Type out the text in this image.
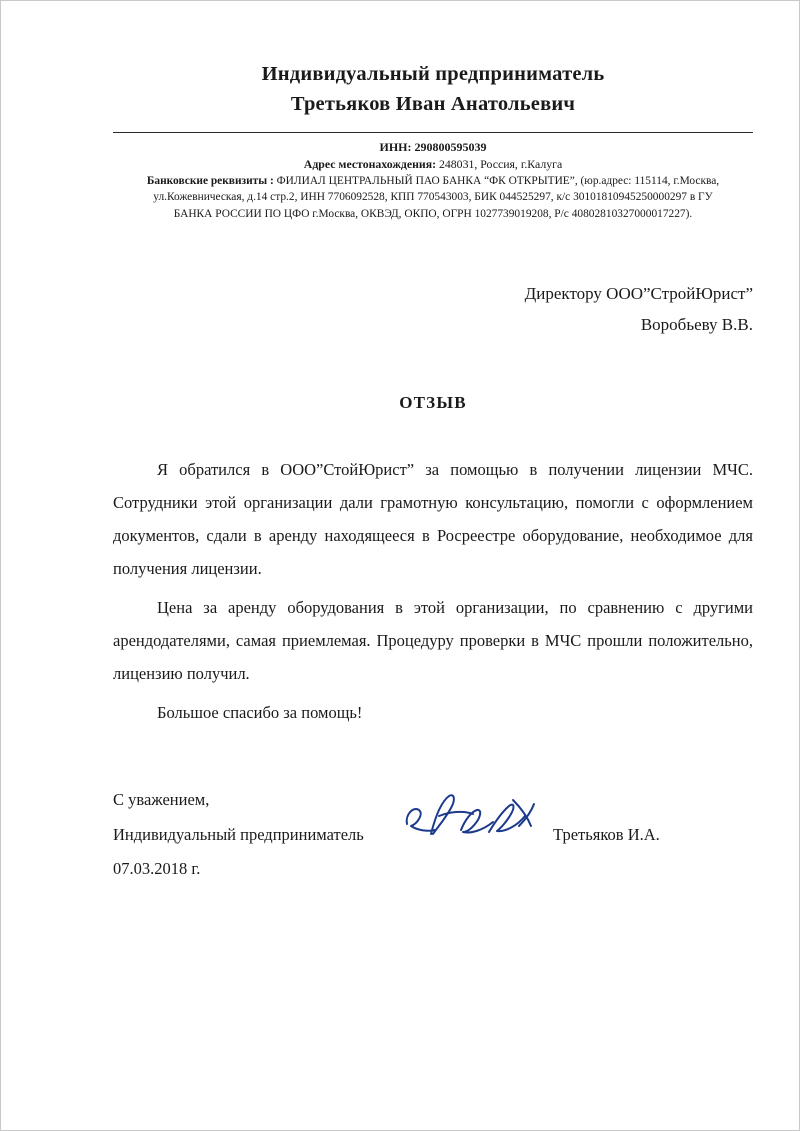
Индивидуальный предприниматель
Третьяков Иван Анатольевич
ИНН: 290800595039
Адрес местонахождения: 248031, Россия, г.Калуга
Банковские реквизиты : ФИЛИАЛ ЦЕНТРАЛЬНЫЙ ПАО БАНКА “ФК ОТКРЫТИЕ”, (юр.адрес: 115114, г.Москва,
ул.Кожевническая, д.14 стр.2, ИНН 7706092528, КПП 770543003, БИК 044525297, к/с 30101810945250000297 в ГУ
БАНКА РОССИИ ПО ЦФО г.Москва, ОКВЭД, ОКПО, ОГРН 1027739019208, Р/с 40802810327000017227).
Директору ООО”СтройЮрист”
Воробьеву В.В.
ОТЗЫВ

Я обратился в ООО”СтойЮрист” за помощью в получении лицензии МЧС. Сотрудники этой организации дали грамотную консультацию, помогли с оформлением документов, сдали в аренду находящееся в Росреестре оборудование, необходимое для получения лицензии.

Цена за аренду оборудования в этой организации, по сравнению с другими арендодателями, самая приемлемая. Процедуру проверки в МЧС прошли положительно, лицензию получил.

Большое спасибо за помощь!

С уважением,
Индивидуальный предприниматель	Третьяков И.А.
07.03.2018 г.
